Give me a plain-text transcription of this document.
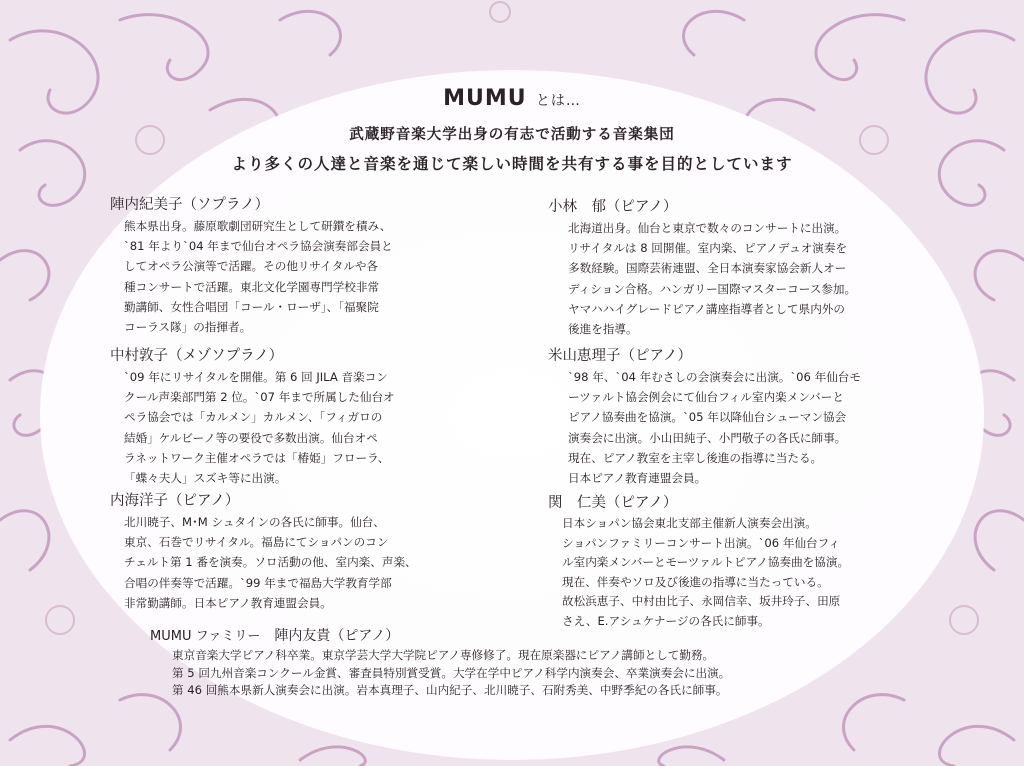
MUMU とは…
武蔵野音楽大学出身の有志で活動する音楽集団
より多くの人達と音楽を通じて楽しい時間を共有する事を目的としています
陣内紀美子（ソプラノ）
熊本県出身。藤原歌劇団研究生として研鑚を積み、
`81 年より`04 年まで仙台オペラ協会演奏部会員と
してオペラ公演等で活躍。その他リサイタルや各
種コンサートで活躍。東北文化学園専門学校非常
勤講師、女性合唱団「コール・ローザ」、「福聚院
コーラス隊」の指揮者。
中村敦子（メゾソプラノ）
`09 年にリサイタルを開催。第 6 回 JILA 音楽コン
クール声楽部門第 2 位。`07 年まで所属した仙台オ
ペラ協会では「カルメン」カルメン、「フィガロの
結婚」ケルビーノ等の要役で多数出演。仙台オペ
ラネットワーク主催オペラでは「椿姫」フローラ、
「蝶々夫人」スズキ等に出演。
内海洋子（ピアノ）
北川暁子、M･M シュタインの各氏に師事。仙台、
東京、石巻でリサイタル。福島にてショパンのコン
チェルト第 1 番を演奏。ソロ活動の他、室内楽、声楽、
合唱の伴奏等で活躍。`99 年まで福島大学教育学部
非常勤講師。日本ピアノ教育連盟会員。
小林　郁（ピアノ）
北海道出身。仙台と東京で数々のコンサートに出演。
リサイタルは 8 回開催。室内楽、ピアノデュオ演奏を
多数経験。国際芸術連盟、全日本演奏家協会新人オー
ディション合格。ハンガリー国際マスターコース参加。
ヤマハハイグレードピアノ講座指導者として県内外の
後進を指導。
米山恵理子（ピアノ）
`98 年、`04 年むさしの会演奏会に出演。`06 年仙台モ
ーツァルト協会例会にて仙台フィル室内楽メンバーと
ピアノ協奏曲を協演。`05 年以降仙台シューマン協会
演奏会に出演。小山田純子、小門敬子の各氏に師事。
現在、ピアノ教室を主宰し後進の指導に当たる。
日本ピアノ教育連盟会員。
関　仁美（ピアノ）
日本ショパン協会東北支部主催新人演奏会出演。
ショパンファミリーコンサート出演。`06 年仙台フィ
ル室内楽メンバーとモーツァルトピアノ協奏曲を協演。
現在、伴奏やソロ及び後進の指導に当たっている。
故松浜恵子、中村由比子、永岡信幸、坂井玲子、田原
さえ、E.アシュケナージの各氏に師事。
MUMU ファミリー 陣内友貴（ピアノ）
東京音楽大学ピアノ科卒業。東京学芸大学大学院ピアノ専修修了。現在原楽器にピアノ講師として勤務。
第 5 回九州音楽コンクール金賞、審査員特別賞受賞。大学在学中ピアノ科学内演奏会、卒業演奏会に出演。
第 46 回熊本県新人演奏会に出演。岩本真理子、山内紀子、北川暁子、石附秀美、中野季紀の各氏に師事。
